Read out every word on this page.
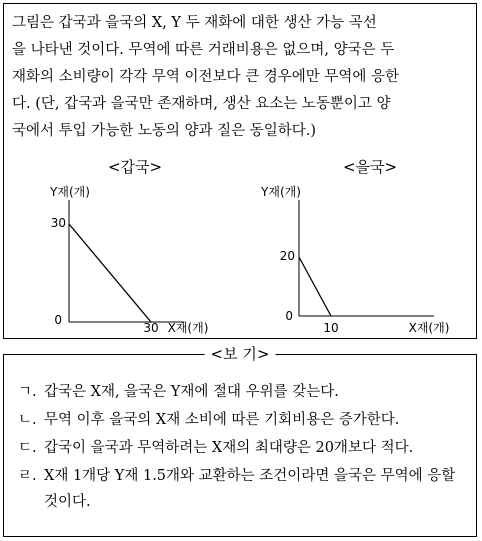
그림은 갑국과 을국의 X, Y 두 재화에 대한 생산 가능 곡선
을 나타낸 것이다. 무역에 따른 거래비용은 없으며, 양국은 두
재화의 소비량이 각각 무역 이전보다 큰 경우에만 무역에 응한
다. (단, 갑국과 을국만 존재하며, 생산 요소는 노동뿐이고 양
국에서 투입 가능한 노동의 양과 질은 동일하다.)
<갑국>
Y재(개)
0
30
30 X재(개)
<을국>
Y재(개)
0
20
10	X재(개)
<보 기>
ㄱ. 갑국은 X재, 을국은 Y재에 절대 우위를 갖는다.
ㄴ. 무역 이후 을국의 X재 소비에 따른 기회비용은 증가한다.
ㄷ. 갑국이 을국과 무역하려는 X재의 최대량은 20개보다 적다.
ㄹ. X재 1개당 Y재 1.5개와 교환하는 조건이라면 을국은 무역에 응할 것이다.
